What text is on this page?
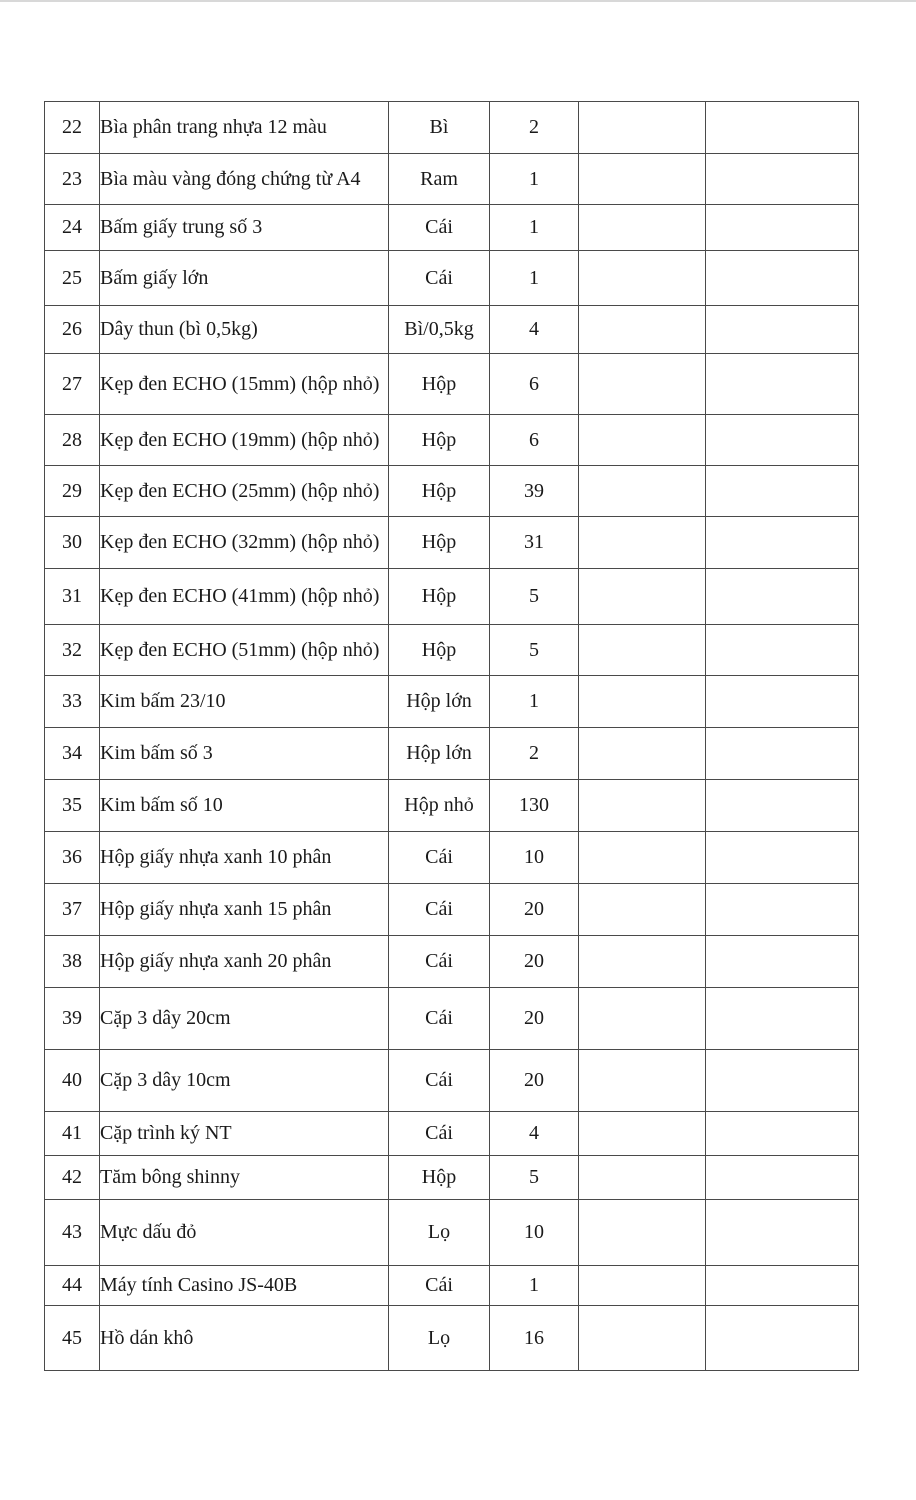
22	Bìa phân trang nhựa 12 màu	Bì	2		
23	Bìa màu vàng đóng chứng từ A4	Ram	1		
24	Bấm giấy trung số 3	Cái	1		
25	Bấm giấy lớn	Cái	1		
26	Dây thun (bì 0,5kg)	Bì/0,5kg	4		
27	Kẹp đen ECHO (15mm) (hộp nhỏ)	Hộp	6		
28	Kẹp đen ECHO (19mm) (hộp nhỏ)	Hộp	6		
29	Kẹp đen ECHO (25mm) (hộp nhỏ)	Hộp	39		
30	Kẹp đen ECHO (32mm) (hộp nhỏ)	Hộp	31		
31	Kẹp đen ECHO (41mm) (hộp nhỏ)	Hộp	5		
32	Kẹp đen ECHO (51mm) (hộp nhỏ)	Hộp	5		
33	Kim bấm 23/10	Hộp lớn	1		
34	Kim bấm số 3	Hộp lớn	2		
35	Kim bấm số 10	Hộp nhỏ	130		
36	Hộp giấy nhựa xanh 10 phân	Cái	10		
37	Hộp giấy nhựa xanh 15 phân	Cái	20		
38	Hộp giấy nhựa xanh 20 phân	Cái	20		
39	Cặp 3 dây 20cm	Cái	20		
40	Cặp 3 dây 10cm	Cái	20		
41	Cặp trình ký NT	Cái	4		
42	Tăm bông shinny	Hộp	5		
43	Mực dấu đỏ	Lọ	10		
44	Máy tính Casino JS-40B	Cái	1		
45	Hồ dán khô	Lọ	16		
